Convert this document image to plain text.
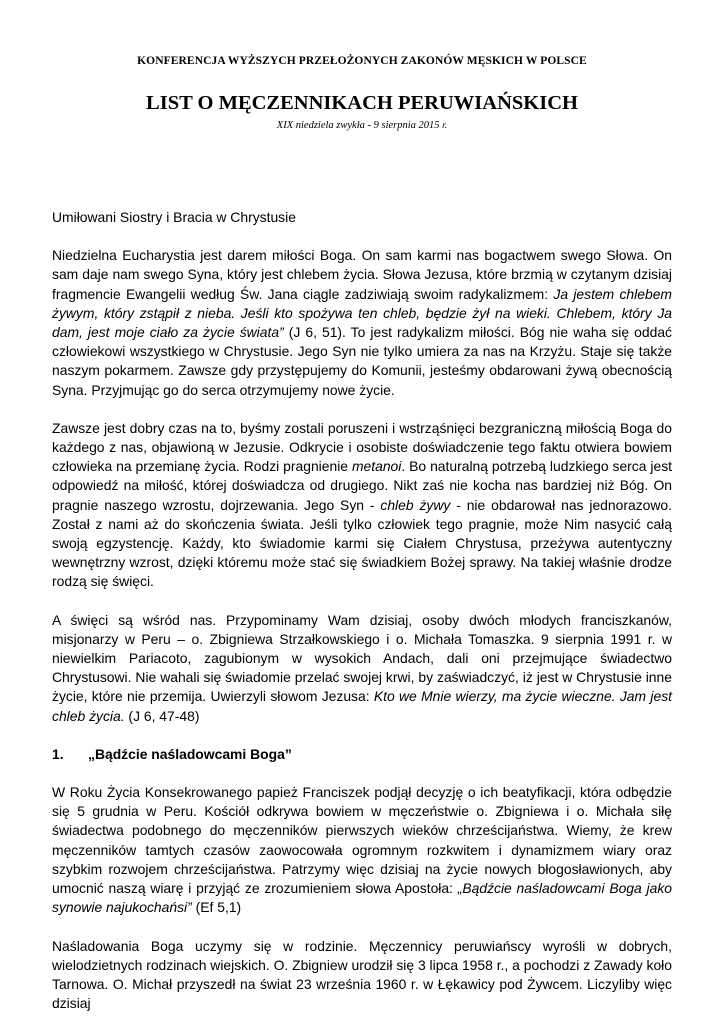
KONFERENCJA WYŻSZYCH PRZEŁOŻONYCH ZAKONÓW MĘSKICH W POLSCE
LIST O MĘCZENNIKACH PERUWIAŃSKICH
XIX niedziela zwykła - 9 sierpnia 2015 r.

Umiłowani Siostry i Bracia w Chrystusie

Niedzielna Eucharystia jest darem miłości Boga. On sam karmi nas bogactwem swego Słowa. On sam daje nam swego Syna, który jest chlebem życia. Słowa Jezusa, które brzmią w czytanym dzisiaj fragmencie Ewangelii według Św. Jana ciągle zadziwiają swoim radykalizmem: Ja jestem chlebem żywym, który zstąpił z nieba. Jeśli kto spożywa ten chleb, będzie żył na wieki. Chlebem, który Ja dam, jest moje ciało za życie świata” (J 6, 51). To jest radykalizm miłości. Bóg nie waha się oddać człowiekowi wszystkiego w Chrystusie. Jego Syn nie tylko umiera za nas na Krzyżu. Staje się także naszym pokarmem. Zawsze gdy przystępujemy do Komunii, jesteśmy obdarowani żywą obecnością Syna. Przyjmując go do serca otrzymujemy nowe życie.

Zawsze jest dobry czas na to, byśmy zostali poruszeni i wstrząśnięci bezgraniczną miłością Boga do każdego z nas, objawioną w Jezusie. Odkrycie i osobiste doświadczenie tego faktu otwiera bowiem człowieka na przemianę życia. Rodzi pragnienie metanoi. Bo naturalną potrzebą ludzkiego serca jest odpowiedź na miłość, której doświadcza od drugiego. Nikt zaś nie kocha nas bardziej niż Bóg. On pragnie naszego wzrostu, dojrzewania. Jego Syn - chleb żywy - nie obdarował nas jednorazowo. Został z nami aż do skończenia świata. Jeśli tylko człowiek tego pragnie, może Nim nasycić całą swoją egzystencję. Każdy, kto świadomie karmi się Ciałem Chrystusa, przeżywa autentyczny wewnętrzny wzrost, dzięki któremu może stać się świadkiem Bożej sprawy. Na takiej właśnie drodze rodzą się święci.

A święci są wśród nas. Przypominamy Wam dzisiaj, osoby dwóch młodych franciszkanów, misjonarzy w Peru – o. Zbigniewa Strzałkowskiego i o. Michała Tomaszka. 9 sierpnia 1991 r. w niewielkim Pariacoto, zagubionym w wysokich Andach, dali oni przejmujące świadectwo Chrystusowi. Nie wahali się świadomie przelać swojej krwi, by zaświadczyć, iż jest w Chrystusie inne życie, które nie przemija. Uwierzyli słowom Jezusa: Kto we Mnie wierzy, ma życie wieczne. Jam jest chleb życia. (J 6, 47-48)

1.	„Bądźcie naśladowcami Boga”

W Roku Życia Konsekrowanego papież Franciszek podjął decyzję o ich beatyfikacji, która odbędzie się 5 grudnia w Peru. Kościół odkrywa bowiem w męczeństwie o. Zbigniewa i o. Michała siłę świadectwa podobnego do męczenników pierwszych wieków chrześcijaństwa. Wiemy, że krew męczenników tamtych czasów zaowocowała ogromnym rozkwitem i dynamizmem wiary oraz szybkim rozwojem chrześcijaństwa. Patrzymy więc dzisiaj na życie nowych błogosławionych, aby umocnić naszą wiarę i przyjąć ze zrozumieniem słowa Apostoła: „Bądźcie naśladowcami Boga jako synowie najukochańsi” (Ef 5,1)

Naśladowania Boga uczymy się w rodzinie. Męczennicy peruwiańscy wyrośli w dobrych, wielodzietnych rodzinach wiejskich. O. Zbigniew urodził się 3 lipca 1958 r., a pochodzi z Zawady koło Tarnowa. O. Michał przyszedł na świat 23 września 1960 r. w Łękawicy pod Żywcem. Liczyliby więc dzisiaj
